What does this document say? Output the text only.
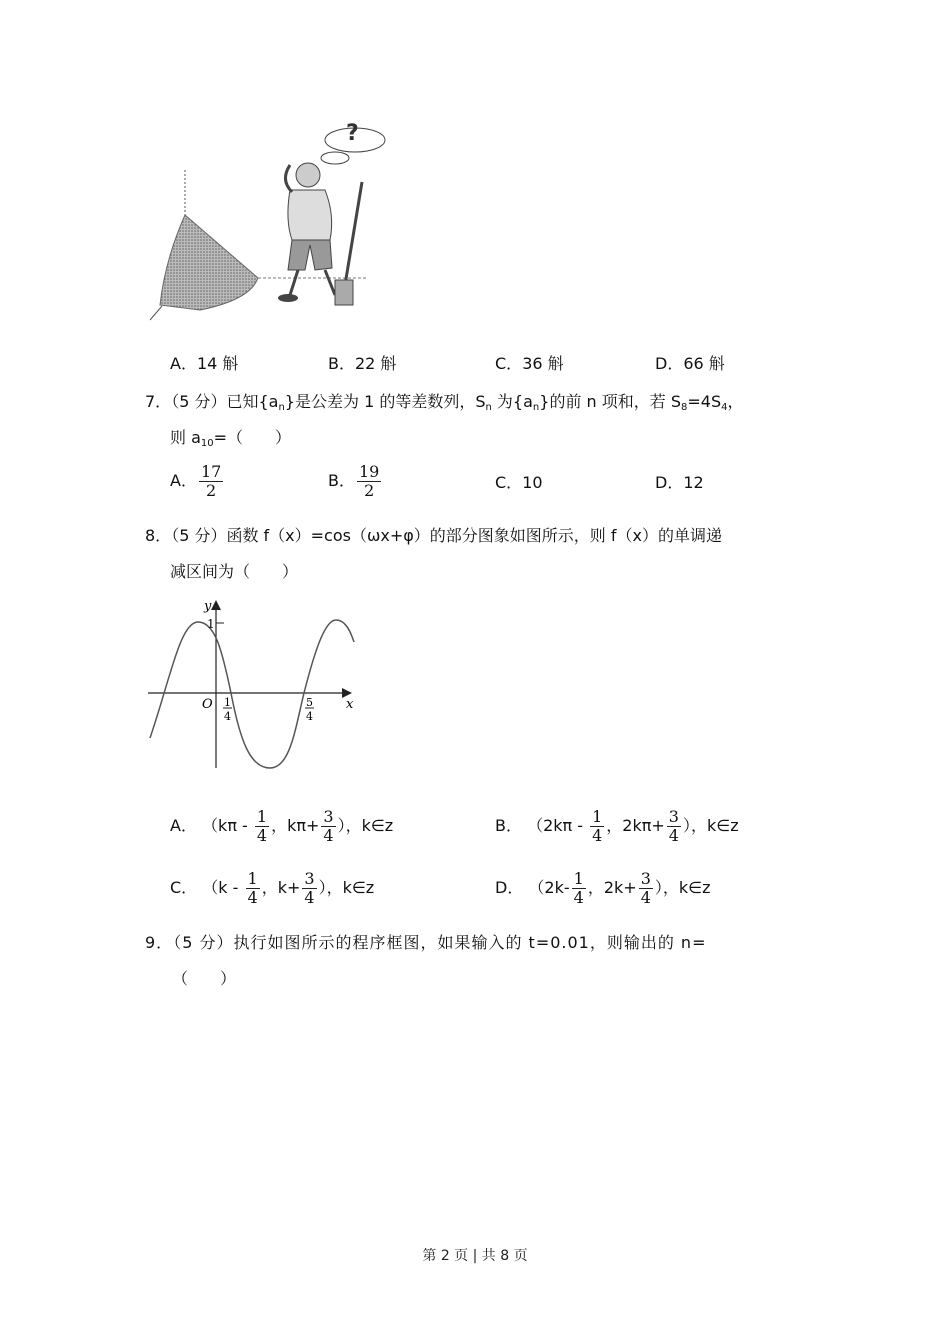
?
A．14 斛	B．22 斛	C．36 斛	D．66 斛
7．（5 分）已知$\{a_n\}$是公差为 1 的等差数列，$S_n$ 为$\{a_n\}$的前 n 项和，若 $S_8=4S_4$，
则 $a_{10}=$（　　）
A． $\frac{17}{2}$	B． $\frac{19}{2}$	C．10	D．12
8．（5 分）函数 f（x）=cos（ωx+φ）的部分图象如图所示，则 f（x）的单调递
减区间为（　　）
y
x
O
1
1
4
5
4
A． （$k\pi - \frac{1}{4}$ ，$k\pi+ \frac{3}{4}$ ），k∈z	B． （$2k\pi - \frac{1}{4}$ ，$2k\pi+ \frac{3}{4}$ ），k∈z
C． （$k - \frac{1}{4}$ ，$k+ \frac{3}{4}$ ），k∈z	D． （$2k- \frac{1}{4}$ ，$2k+ \frac{3}{4}$ ），k∈z
9．（5 分）执行如图所示的程序框图，如果输入的 t=0.01，则输出的 n=
（　　）
第 2 页 | 共 8 页
